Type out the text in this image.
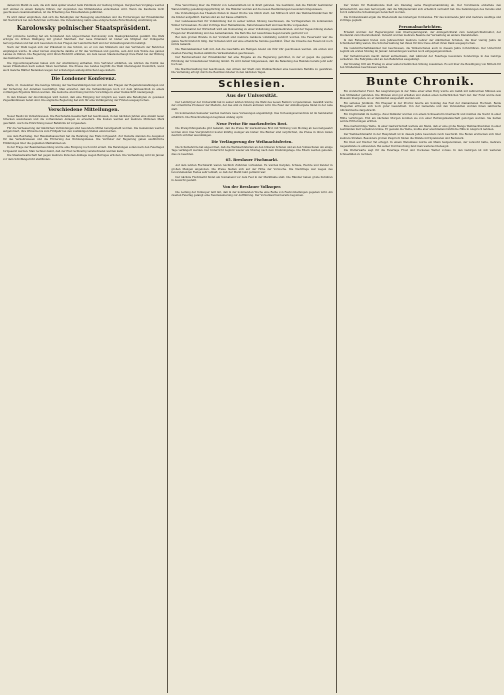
damen im Markt zu sein, die sich dann später wieder beim Publikum zur Geltung bringen. Dergleichen Vorgänge werden dort einmal zu einem Kampfe führen, der zugunsten des Mittelstandes entschieden wird. Wenn die Kaufleute nicht geschlossen zusammenhalten, ist die Erhaltung des Einzelhandels gefährdet.

Es wird daher empfohlen, daß sich die Beteiligten der Bewegung anschließen und die Forderungen der Einzelhändler mit Nachdruck bei den Behörden vertreten. Die Versammlung nahm eine entsprechende Entschließung einstimmig an.

Karolowsky polnischer Staatspräsident.

Der polnische Landtag hat am Sonnabend den Abgeordneten Karolowsky zum Staatspräsidenten gewählt. Die Wahl erfolgte im dritten Wahlgang mit großer Mehrheit. Der neue Präsident ist bisher als Mitglied der Volkspartei hervorgetreten und hat sich besonders in den Fragen der Landwirtschaft und der Verwaltungsreform betätigt.

Nach der Wahl begab sich der Präsident in das Schloß, wo er von den Ministern und den Vertretern der Behörden empfangen wurde. In einer kurzen Ansprache dankte er für das Vertrauen und gelobte, sein Amt zum Wohle des ganzen Landes zu führen. Die Regierung wird ihren Rücktritt erklären, um dem neuen Staatsoberhaupt freie Hand bei der Bildung des Kabinetts zu lassen.

Die Oppositionsparteien haben sich der Abstimmung enthalten. Ihre Vertreter erklärten, sie würden die Politik des neuen Präsidenten nach seinen Taten beurteilen. Die Presse des Landes begrüßt die Wahl überwiegend freundlich, wenn auch manche Blätter Bedenken wegen der schwierigen außenpolitischen Lage äußern.

Die Londoner Konferenz.

Paris, 21. Dezember. Die heutige Sitzung der Sachverständigen hat sich mit den Fragen der Reparationszahlungen und der Sicherung der Anleihen beschäftigt. Man erwartet, daß die Verhandlungen noch vor dem Jahresschluß zu einem vorläufigen Ergebnis führen werden. Die deutsche Abordnung hat ihre Vorschläge in einer Denkschrift niedergelegt.

In den Kreisen der Abordnungen wird betont, daß eine Einigung nur möglich sei, wenn alle Beteiligten zu gewissen Zugeständnissen bereit sind. Die englische Regierung hat sich für eine Verlängerung der Fristen ausgesprochen.

Verschiedene Mitteilungen.

Neuer Besitz im Verkehrswesen. Die Reichsbahn-Gesellschaft hat beschlossen, in den nächsten Jahren eine Anzahl neuer Strecken auszubauen und die vorhandenen Anlagen zu erweitern. Die Kosten werden auf mehrere Millionen Mark geschätzt. Auch die Einrichtung neuer Bahnhöfe ist vorgesehen.

Für die Verbesserung der ländlichen Verbindungen sind besondere Mittel bereitgestellt worden. Die Gemeinden werden aufgefordert, ihre Wünsche bis zum Frühjahr bei den zuständigen Stellen einzureichen.

Aus dem Reichstag. Der Haushaltsausschuß hat die Beratung des Etats fortgesetzt. Zur Debatte standen die Ausgaben für das Verkehrswesen und die Förderung des Wohnungsbaues. Die Vertreter der Regierung gaben ausführliche Erklärungen über die geplanten Maßnahmen ab.

In der Frage der Beamtenbesoldung wurde eine Einigung noch nicht erzielt. Die Beratungen sollen nach den Feiertagen fortgesetzt werden. Man rechnet damit, daß der Etat rechtzeitig verabschiedet werden kann.

Die Staatsanwaltschaft hat gegen mehrere Personen Anklage wegen Betruges erhoben. Die Verhandlung wird im Januar vor dem Schöffengericht stattfinden.

Eine Verordnung über die Einfuhr von Lebensmitteln ist in Kraft getreten. Sie bestimmt, daß die Einfuhr bestimmter Waren künftig genehmigungspflichtig ist. Die Händler werden auf die neuen Bestimmungen besonders hingewiesen.

Die Vorstellungen des Theaters finden in dieser Woche wie üblich statt. Am Mittwoch wird das Weihnachtsmärchen für die Kinder aufgeführt. Karten sind an der Kasse erhältlich.

Der Landesausschuß für Volksbildung hat in seiner letzten Sitzung beschlossen, die Vortragsreihen im kommenden Winter fortzusetzen. Es sind Vorträge über Heimatkunde, Naturwissenschaft und Geschichte vorgesehen.

Der Nationalrat der Wirtschaft wird am Donnerstag zu einer Vollsitzung zusammentreten. Auf der Tagesordnung stehen Fragen der Preisbildung und des Außenhandels. Die Berichte der Ausschüsse liegen bereits gedruckt vor.

Bei dem großen Brande in der Vorstadt sind mehrere Gebäude vollständig zerstört worden. Die Feuerwehr war die ganze Nacht hindurch tätig. Der Schaden wird auf eine erhebliche Summe geschätzt. Über die Ursache des Feuers ist noch nichts bekannt.

Die Handelskammer teilt mit, daß die Geschäfte am Heiligen Abend um fünf Uhr geschlossen werden. Am ersten und zweiten Feiertag bleiben sämtliche Verkaufsstellen geschlossen.

Der Reichsverband der Einzelhändler hat eine Eingabe an die Regierung gerichtet, in der er gegen die geplante Erhöhung der Umsatzsteuer Stellung nimmt. Es wird darauf hingewiesen, daß die Belastung des Handels bereits jetzt sehr hoch sei.

Die Stadtverwaltung hat beschlossen, den Armen der Stadt zum Weihnachtsfest eine besondere Beihilfe zu gewähren. Die Verteilung erfolgt durch die Bezirksvorsteher in den nächsten Tagen.

Schlesien.
Aus der Universität.

Der Lehrkörper der Universität hat in seiner letzten Sitzung die Wahl des neuen Rektors vorgenommen. Gewählt wurde der ordentliche Professor der Medizin, der das Amt zu Ostern antreten wird. Die Feier der Amtsübergabe findet in der Aula statt.

Im kommenden Semester werden mehrere neue Vorlesungen angekündigt. Das Vorlesungsverzeichnis ist im Sekretariat erhältlich. Die Einschreibungen beginnen Anfang April.

Neue Preise für markenfreies Brot.

Die Preisprüfungsstelle gibt bekannt, daß die Preise für markenfreies Brot mit Wirkung vom Montag ab neu festgesetzt worden sind. Das Vierpfundbrot kostet künftig weniger als bisher. Die Bäcker sind verpflichtet, die Preise in ihren Läden deutlich sichtbar auszuhängen.

Die Verlängerung der Weihnachtsferien.

Die Schulbehörde hat angeordnet, daß die Weihnachtsferien an den höheren Schulen und an den Volksschulen um einige Tage verlängert werden. Der Unterricht beginnt wieder am Montag nach dem Dreikönigstage. Die Eltern werden gebeten, dies zu beachten.

65. Breslauer Fischmarkt.

Auf dem letzten Fischmarkt waren reichlich Zufuhren vorhanden. Es wurden Karpfen, Schleie, Hechte und Zander in großen Mengen angeboten. Die Preise hielten sich auf der Höhe der Vorwoche. Die Nachfrage war wegen des bevorstehenden Festes sehr lebhaft, so daß der Markt bald geräumt war.

Der nächste Fischmarkt findet am Sonnabend vor dem Fest in der Markthalle statt. Die Händler haben große Zufuhren in Aussicht gestellt.

Von der Breslauer Volksoper.

Die Leitung der Volksoper teilt mit, daß in der kommenden Woche eine Reihe von Festvorstellungen gegeben wird. Am zweiten Feiertag gelangt eine Neuinszenierung zur Aufführung. Der Vorverkauf hat bereits begonnen.

Der Verein für Heimatkunde hielt am Dienstag seine Hauptversammlung ab. Der Vorsitzende erstattete den Jahresbericht, aus dem hervorgeht, daß die Mitgliederzahl sich erheblich vermehrt hat. Die Sammlungen des Vereins sind durch zahlreiche Schenkungen bereichert worden.

Die Vorstandswahl ergab die Wiederwahl des bisherigen Vorstandes. Für das kommende Jahr sind mehrere Ausflüge und Vorträge geplant.

Personalnachrichten.

Ernannt wurden: der Regierungsrat zum Oberregierungsrat, der Amtsgerichtsrat zum Landgerichtsdirektor, der Studienrat zum Oberstudienrat. Versetzt wurden mehrere Beamte der Verwaltung an andere Dienststellen.

In den Ruhestand treten zum Jahresschluß mehrere Lehrer der städtischen Schulen, die über vierzig Jahre im Schuldienst tätig waren. Die Schulverwaltung hat ihnen für ihre treue Arbeit ihren Dank ausgesprochen.

Die Landwirtschaftskammer hat beschlossen, die Winterschulen auch in diesem Jahre fortzuführen. Der Unterricht beginnt am ersten Montag im Januar. Anmeldungen werden noch entgegengenommen.

Der Verkehrsverein macht darauf aufmerksam, daß während der Feiertage besondere Sonderzüge in das Gebirge verkehren. Die Fahrpläne sind an den Bahnhöfen ausgehängt.

Der Kreistag tritt am Freitag zu einer außerordentlichen Sitzung zusammen. Es soll über die Bewilligung von Mitteln für den Straßenbau beschlossen werden.

Bunte Chronik.

Ein wunderbarer Fund. Bei Ausgrabungen in der Nähe einer alten Burg wurde ein Gefäß mit zahlreichen Münzen aus dem Mittelalter gefunden. Die Münzen sind gut erhalten und stellen einen beträchtlichen Wert dar. Der Fund wurde dem Museum übergeben, wo er demnächst ausgestellt werden soll.

Ein seltenes Jubiläum. Ein Ehepaar in der Provinz feierte am Sonntag das Fest der diamantenen Hochzeit. Beide Ehegatten erfreuen sich noch guter Gesundheit. Von der Gemeinde und den Verwandten wurden ihnen zahlreiche Glückwünsche dargebracht.

Ein Unglücksfall im Gebirge. Zwei Skiläufer wurden von einem Schneesturm überrascht und mußten die Nacht in einer Hütte verbringen. Erst am nächsten Morgen konnten sie von einer Rettungsmannschaft geborgen werden. Sie hatten leichte Erfrierungen erlitten.

Eine merkwürdige Wette. In einer Gastwirtschaft wettete ein Mann, daß er eine große Menge Weihnachtsstollen in einer bestimmten Zeit verzehren könne. Er gewann die Wette, mußte aber anschließend ärztliche Hilfe in Anspruch nehmen.

Der Weihnachtsmarkt in der Hauptstadt ist in diesem Jahre besonders reich beschickt. Die Buden erstrecken sich über mehrere Straßen. Besonders großen Zuspruch finden die Stände mit Spielwaren und Backwerk.

Ein Dieb auf frischer Tat ertappt. In einem Warenhaus wurde ein Mann festgenommen, der versucht hatte, mehrere Gegenstände zu entwenden. Bei seiner Durchsuchung fand man weiteres Diebesgut.

Die Wetterwarte sagt für die Feiertage Frost und trockenes Wetter voraus. In den Gebirgen ist mit weiteren Schneefällen zu rechnen.
